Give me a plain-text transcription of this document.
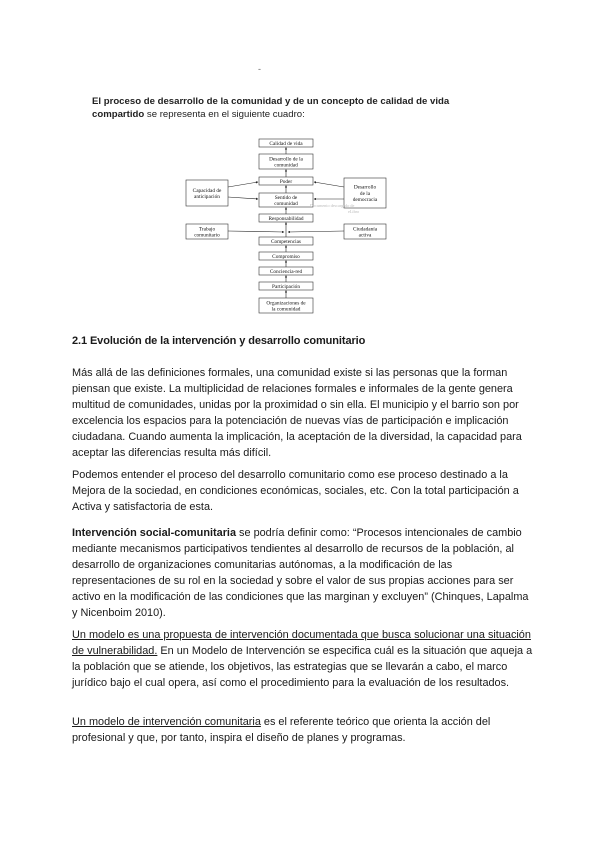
-

El proceso de desarrollo de la comunidad y de un concepto de calidad de vida compartido se representa en el siguiente cuadro:

Calidad de vida
Desarrollo de la
comunidad
Poder
Sentido de
comunidad
Responsabilidad
Competencias
Compromiso
Conciencia-red
Participación
Organizaciones de
la comunidad
Capacidad de
anticipación
Desarrollo
de la
democracia
Trabajo
comunitario
Ciudadanía
activa
Documento descargado de
eLibro
2.1 Evolución de la intervención y desarrollo comunitario

Más allá de las definiciones formales, una comunidad existe si las personas que la forman piensan que existe. La multiplicidad de relaciones formales e informales de la gente genera multitud de comunidades, unidas por la proximidad o sin ella. El municipio y el barrio son por excelencia los espacios para la potenciación de nuevas vías de participación e implicación ciudadana. Cuando aumenta la implicación, la aceptación de la diversidad, la capacidad para aceptar las diferencias resulta más difícil.

Podemos entender el proceso del desarrollo comunitario como ese proceso destinado a la Mejora de la sociedad, en condiciones económicas, sociales, etc. Con la total participación a Activa y satisfactoria de esta.

Intervención social-comunitaria se podría definir como: “Procesos intencionales de cambio mediante mecanismos participativos tendientes al desarrollo de recursos de la población, al desarrollo de organizaciones comunitarias autónomas, a la modificación de las representaciones de su rol en la sociedad y sobre el valor de sus propias acciones para ser activo en la modificación de las condiciones que las marginan y excluyen” (Chinques, Lapalma y Nicenboim 2010).

Un modelo es una propuesta de intervención documentada que busca solucionar una situación de vulnerabilidad. En un Modelo de Intervención se especifica cuál es la situación que aqueja a la población que se atiende, los objetivos, las estrategias que se llevarán a cabo, el marco jurídico bajo el cual opera, así como el procedimiento para la evaluación de los resultados.

Un modelo de intervención comunitaria es el referente teórico que orienta la acción del profesional y que, por tanto, inspira el diseño de planes y programas.
